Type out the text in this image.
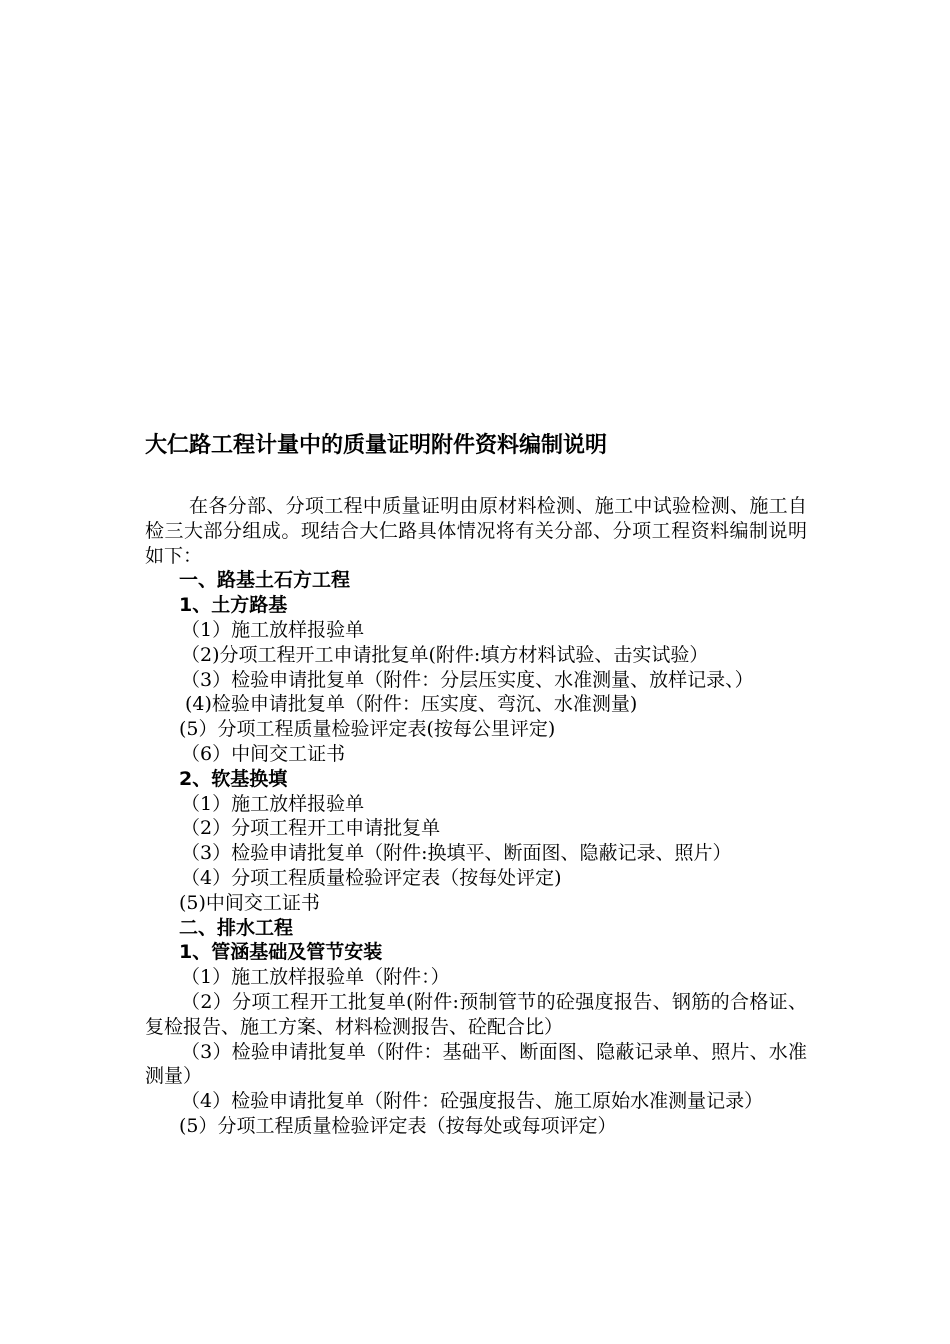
大仁路工程计量中的质量证明附件资料编制说明

在各分部、分项工程中质量证明由原材料检测、施工中试验检测、施工自检三大部分组成。现结合大仁路具体情况将有关分部、分项工程资料编制说明如下：

一、路基土石方工程

1、土方路基

（1）施工放样报验单

（2)分项工程开工申请批复单(附件:填方材料试验、击实试验）

（3）检验申请批复单（附件：分层压实度、水准测量、放样记录、）

(4)检验申请批复单（附件：压实度、弯沉、水准测量)

(5）分项工程质量检验评定表(按每公里评定)

（6）中间交工证书

2、软基换填

（1）施工放样报验单

（2）分项工程开工申请批复单

（3）检验申请批复单（附件:换填平、断面图、隐蔽记录、照片）

（4）分项工程质量检验评定表（按每处评定)

(5)中间交工证书

二、排水工程

1、管涵基础及管节安装

（1）施工放样报验单（附件：）

（2）分项工程开工批复单(附件:预制管节的砼强度报告、钢筋的合格证、复检报告、施工方案、材料检测报告、砼配合比）

（3）检验申请批复单（附件：基础平、断面图、隐蔽记录单、照片、水准测量）

（4）检验申请批复单（附件：砼强度报告、施工原始水准测量记录）

(5）分项工程质量检验评定表（按每处或每项评定）
